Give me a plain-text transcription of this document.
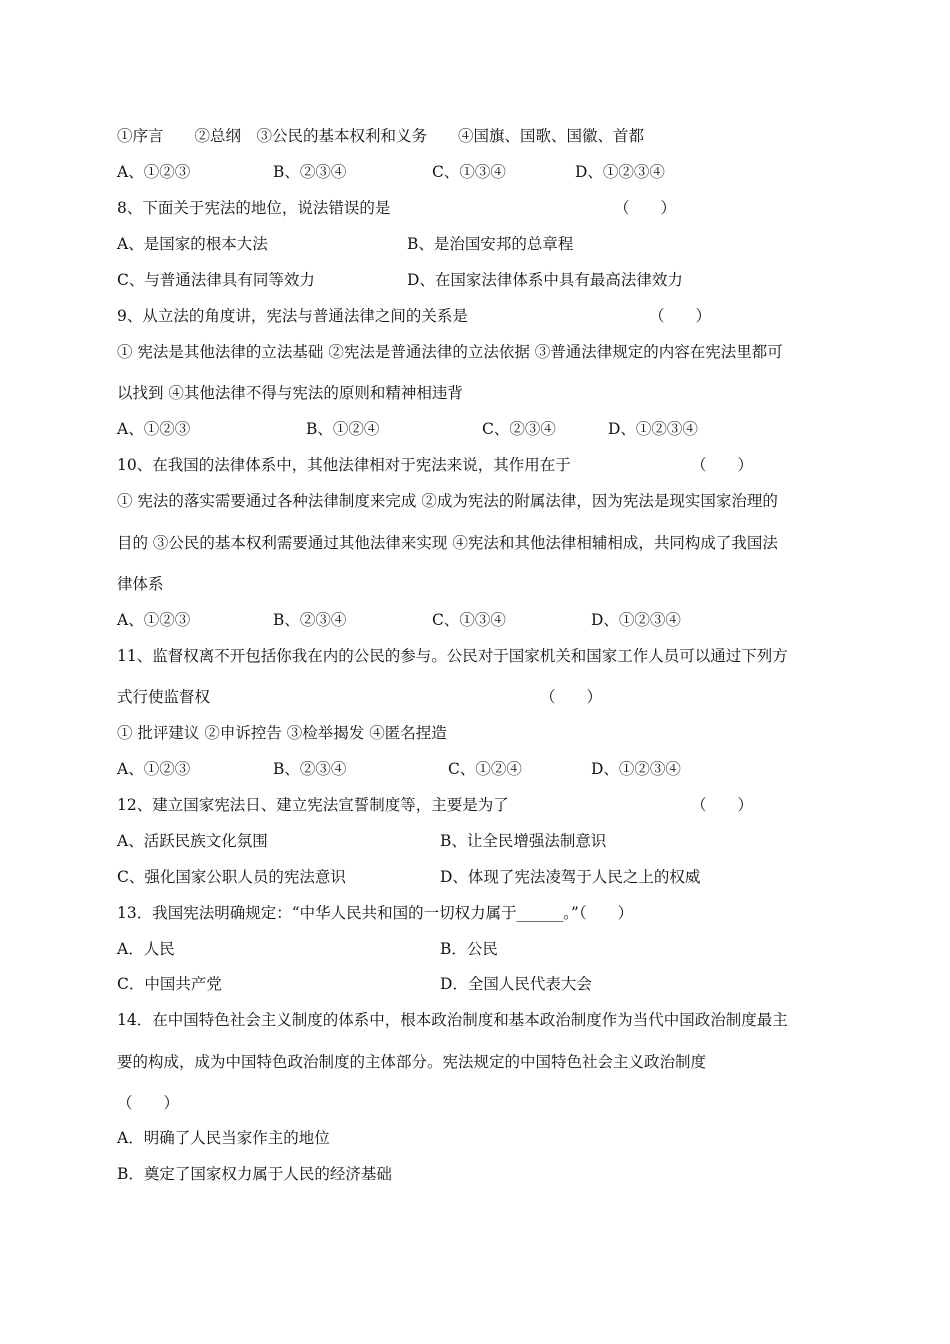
①序言　　②总纲　③公民的基本权利和义务　　④国旗、国歌、国徽、首都
A、①②③	B、②③④	C、①③④	D、①②③④
8、下面关于宪法的地位，说法错误的是	（　　）
A、是国家的根本大法	B、是治国安邦的总章程
C、与普通法律具有同等效力	D、在国家法律体系中具有最高法律效力
9、从立法的角度讲，宪法与普通法律之间的关系是	（　　）
① 宪法是其他法律的立法基础 ②宪法是普通法律的立法依据 ③普通法律规定的内容在宪法里都可
以找到 ④其他法律不得与宪法的原则和精神相违背
A、①②③	B、①②④	C、②③④	D、①②③④
10、在我国的法律体系中，其他法律相对于宪法来说，其作用在于	（　　）
① 宪法的落实需要通过各种法律制度来完成 ②成为宪法的附属法律，因为宪法是现实国家治理的
目的 ③公民的基本权利需要通过其他法律来实现 ④宪法和其他法律相辅相成，共同构成了我国法
律体系
A、①②③	B、②③④	C、①③④	D、①②③④
11、监督权离不开包括你我在内的公民的参与。公民对于国家机关和国家工作人员可以通过下列方
式行使监督权	（　　）
① 批评建议 ②申诉控告 ③检举揭发 ④匿名捏造
A、①②③	B、②③④	C、①②④	D、①②③④
12、建立国家宪法日、建立宪法宣誓制度等，主要是为了	（　　）
A、活跃民族文化氛围	B、让全民增强法制意识
C、强化国家公职人员的宪法意识	D、体现了宪法凌驾于人民之上的权威
13．我国宪法明确规定：“中华人民共和国的一切权力属于______。”（　　）
A．人民	B．公民
C．中国共产党	D．全国人民代表大会
14．在中国特色社会主义制度的体系中，根本政治制度和基本政治制度作为当代中国政治制度最主
要的构成，成为中国特色政治制度的主体部分。宪法规定的中国特色社会主义政治制度
（　　）
A．明确了人民当家作主的地位
B．奠定了国家权力属于人民的经济基础
